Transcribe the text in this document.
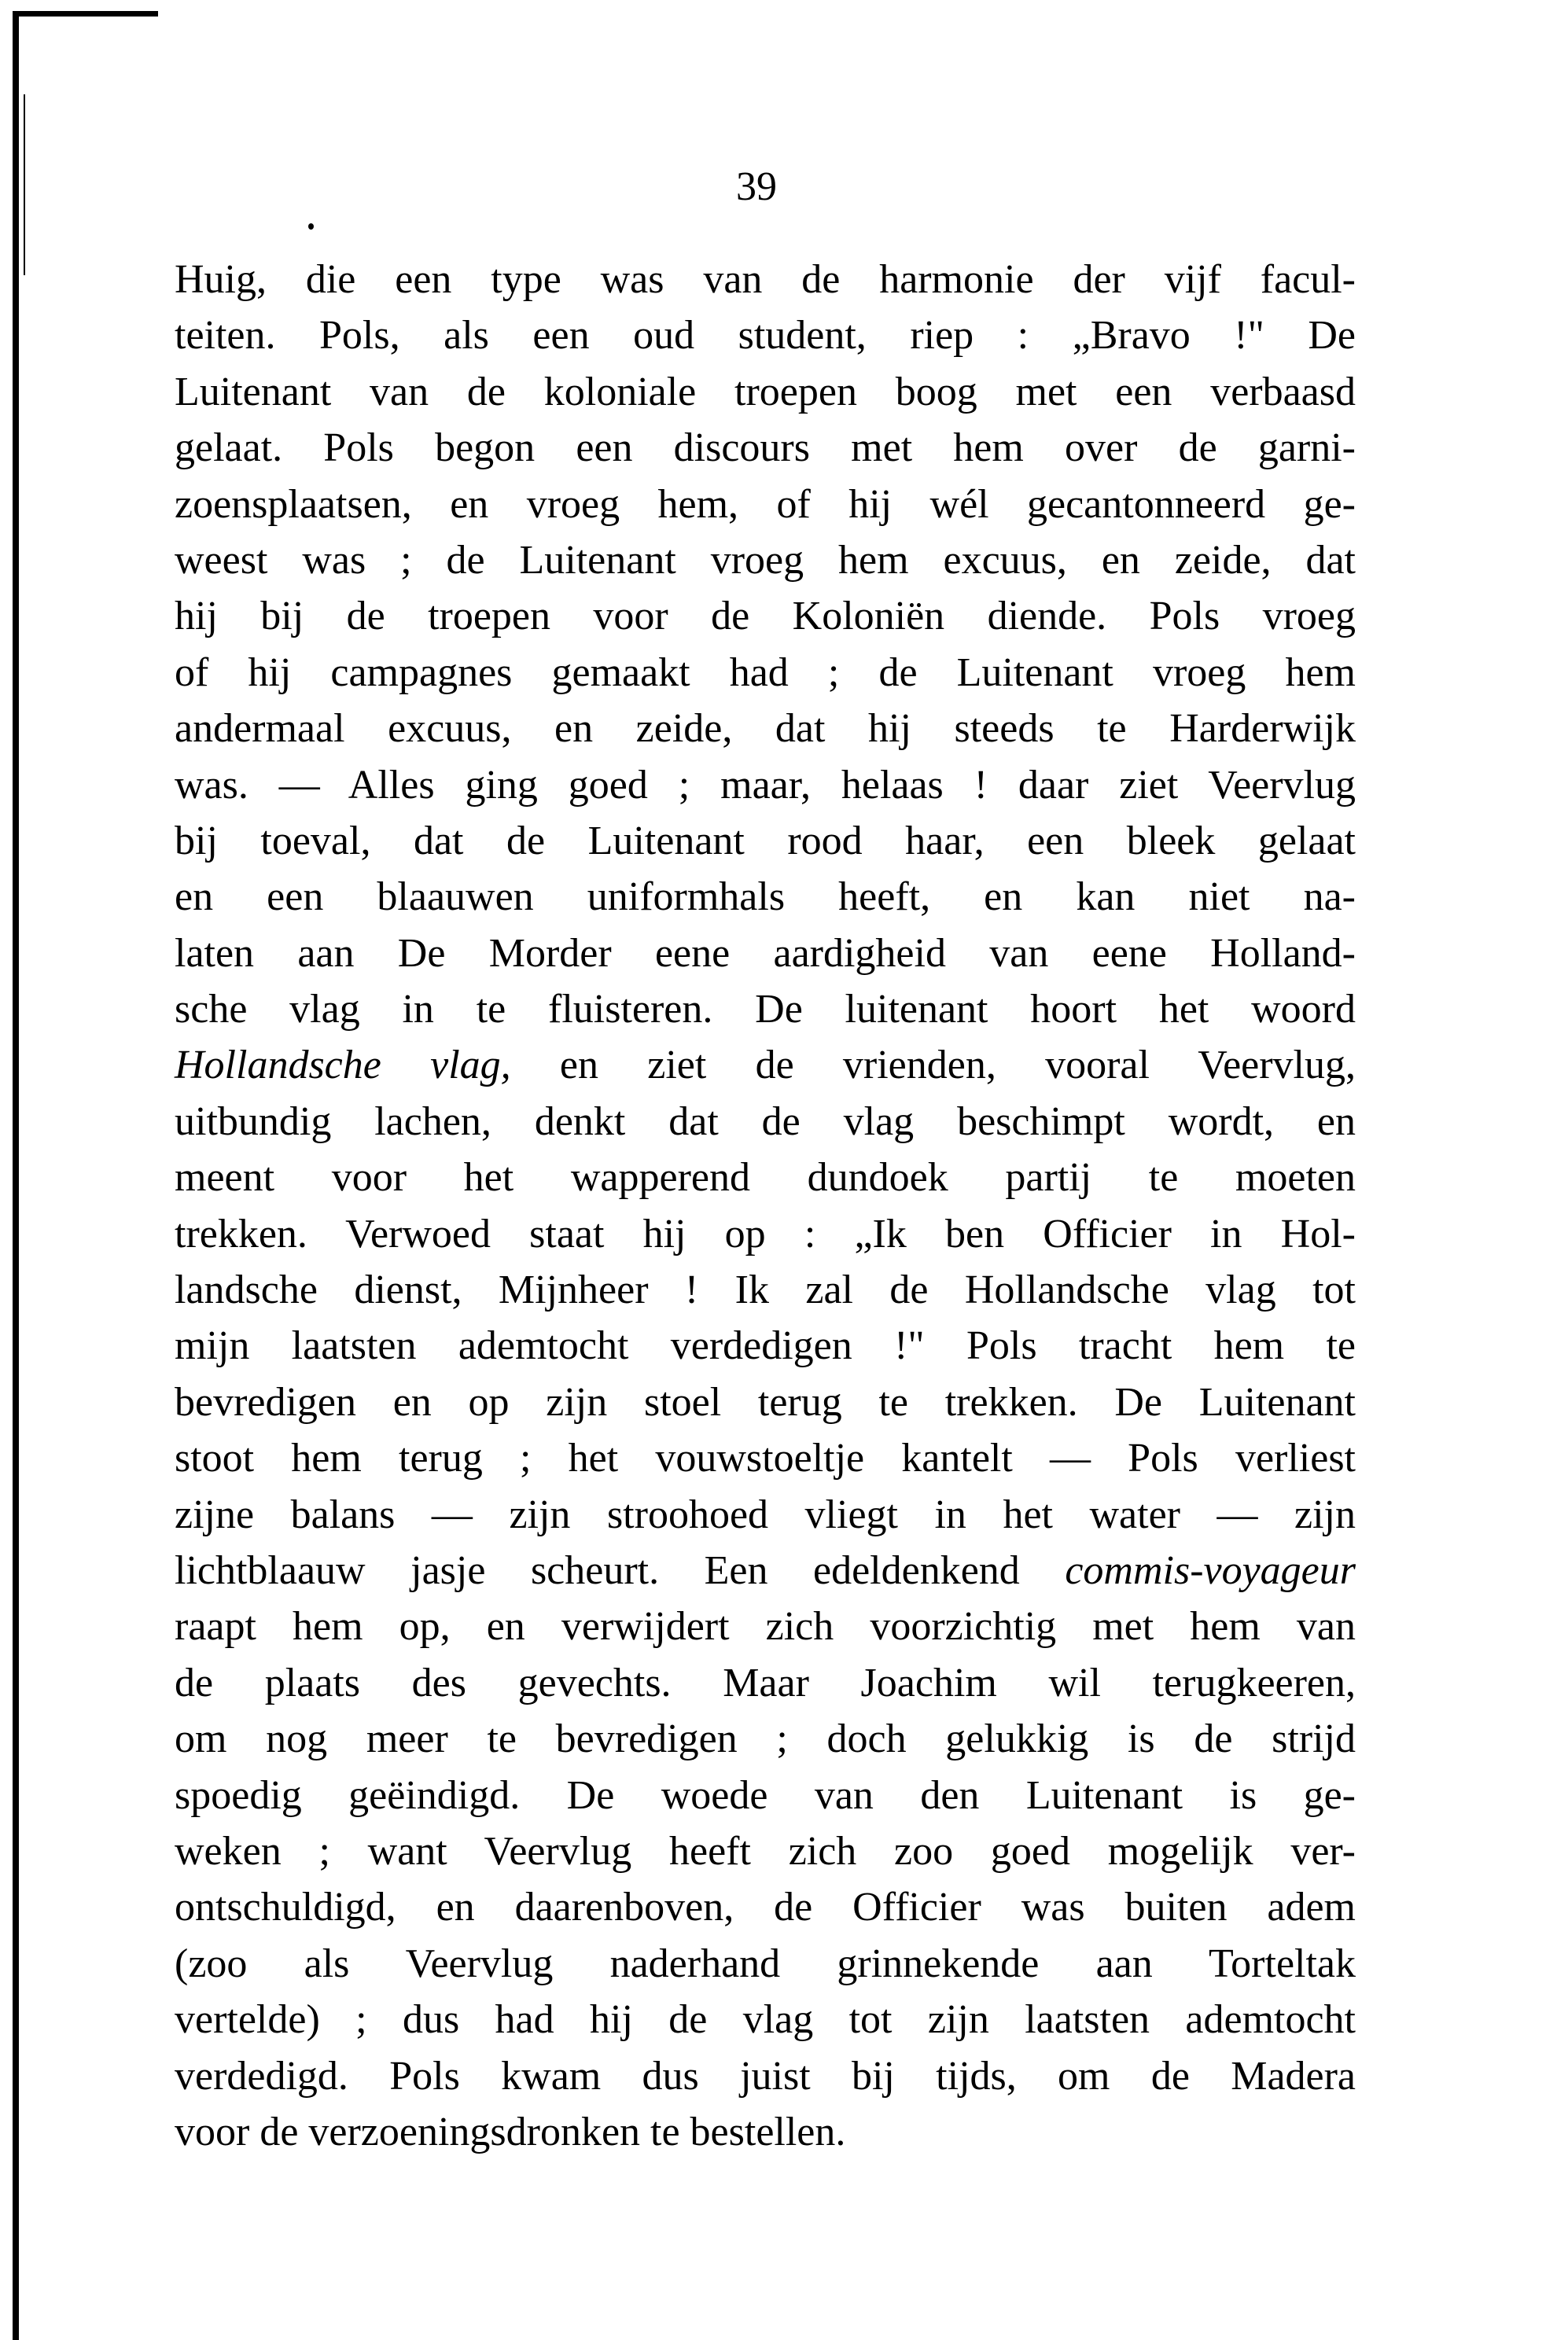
39
Huig, die een type was van de harmonie der vijf facul-
teiten. Pols, als een oud student, riep : „Bravo !" De
Luitenant van de koloniale troepen boog met een verbaasd
gelaat. Pols begon een discours met hem over de garni-
zoensplaatsen, en vroeg hem, of hij wél gecantonneerd ge-
weest was ; de Luitenant vroeg hem excuus, en zeide, dat
hij bij de troepen voor de Koloniën diende. Pols vroeg
of hij campagnes gemaakt had ; de Luitenant vroeg hem
andermaal excuus, en zeide, dat hij steeds te Harderwijk
was. — Alles ging goed ; maar, helaas ! daar ziet Veervlug
bij toeval, dat de Luitenant rood haar, een bleek gelaat
en een blaauwen uniformhals heeft, en kan niet na-
laten aan De Morder eene aardigheid van eene Holland-
sche vlag in te fluisteren. De luitenant hoort het woord
Hollandsche vlag, en ziet de vrienden, vooral Veervlug,
uitbundig lachen, denkt dat de vlag beschimpt wordt, en
meent voor het wapperend dundoek partij te moeten
trekken. Verwoed staat hij op : „Ik ben Officier in Hol-
landsche dienst, Mijnheer ! Ik zal de Hollandsche vlag tot
mijn laatsten ademtocht verdedigen !" Pols tracht hem te
bevredigen en op zijn stoel terug te trekken. De Luitenant
stoot hem terug ; het vouwstoeltje kantelt — Pols verliest
zijne balans — zijn stroohoed vliegt in het water — zijn
lichtblaauw jasje scheurt. Een edeldenkend commis-voyageur
raapt hem op, en verwijdert zich voorzichtig met hem van
de plaats des gevechts. Maar Joachim wil terugkeeren,
om nog meer te bevredigen ; doch gelukkig is de strijd
spoedig geëindigd. De woede van den Luitenant is ge-
weken ; want Veervlug heeft zich zoo goed mogelijk ver-
ontschuldigd, en daarenboven, de Officier was buiten adem
(zoo als Veervlug naderhand grinnekende aan Torteltak
vertelde) ; dus had hij de vlag tot zijn laatsten ademtocht
verdedigd. Pols kwam dus juist bij tijds, om de Madera
voor de verzoeningsdronken te bestellen.
